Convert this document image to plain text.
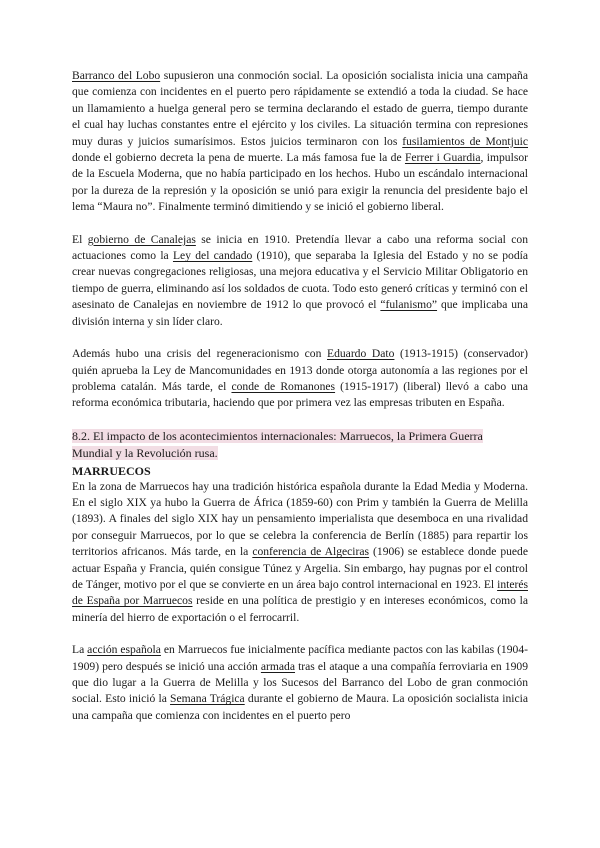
Barranco del Lobo supusieron una conmoción social. La oposición socialista inicia una campaña que comienza con incidentes en el puerto pero rápidamente se extendió a toda la ciudad. Se hace un llamamiento a huelga general pero se termina declarando el estado de guerra, tiempo durante el cual hay luchas constantes entre el ejército y los civiles. La situación termina con represiones muy duras y juicios sumarísimos. Estos juicios terminaron con los fusilamientos de Montjuic donde el gobierno decreta la pena de muerte. La más famosa fue la de Ferrer i Guardia, impulsor de la Escuela Moderna, que no había participado en los hechos. Hubo un escándalo internacional por la dureza de la represión y la oposición se unió para exigir la renuncia del presidente bajo el lema “Maura no”. Finalmente terminó dimitiendo y se inició el gobierno liberal.

El gobierno de Canalejas se inicia en 1910. Pretendía llevar a cabo una reforma social con actuaciones como la Ley del candado (1910), que separaba la Iglesia del Estado y no se podía crear nuevas congregaciones religiosas, una mejora educativa y el Servicio Militar Obligatorio en tiempo de guerra, eliminando así los soldados de cuota. Todo esto generó críticas y terminó con el asesinato de Canalejas en noviembre de 1912 lo que provocó el “fulanismo” que implicaba una división interna y sin líder claro.

Además hubo una crisis del regeneracionismo con Eduardo Dato (1913-1915) (conservador) quién aprueba la Ley de Mancomunidades en 1913 donde otorga autonomía a las regiones por el problema catalán. Más tarde, el conde de Romanones (1915-1917) (liberal) llevó a cabo una reforma económica tributaria, haciendo que por primera vez las empresas tributen en España.

8.2. El impacto de los acontecimientos internacionales: Marruecos, la Primera Guerra
Mundial y la Revolución rusa.

MARRUECOS

En la zona de Marruecos hay una tradición histórica española durante la Edad Media y Moderna. En el siglo XIX ya hubo la Guerra de África (1859-60) con Prim y también la Guerra de Melilla (1893). A finales del siglo XIX hay un pensamiento imperialista que desemboca en una rivalidad por conseguir Marruecos, por lo que se celebra la conferencia de Berlín (1885) para repartir los territorios africanos. Más tarde, en la conferencia de Algeciras (1906) se establece donde puede actuar España y Francia, quién consigue Túnez y Argelia. Sin embargo, hay pugnas por el control de Tánger, motivo por el que se convierte en un área bajo control internacional en 1923. El interés de España por Marruecos reside en una política de prestigio y en intereses económicos, como la minería del hierro de exportación o el ferrocarril.

La acción española en Marruecos fue inicialmente pacífica mediante pactos con las kabilas (1904-1909) pero después se inició una acción armada tras el ataque a una compañía ferroviaria en 1909 que dio lugar a la Guerra de Melilla y los Sucesos del Barranco del Lobo de gran conmoción social. Esto inició la Semana Trágica durante el gobierno de Maura. La oposición socialista inicia una campaña que comienza con incidentes en el puerto pero
